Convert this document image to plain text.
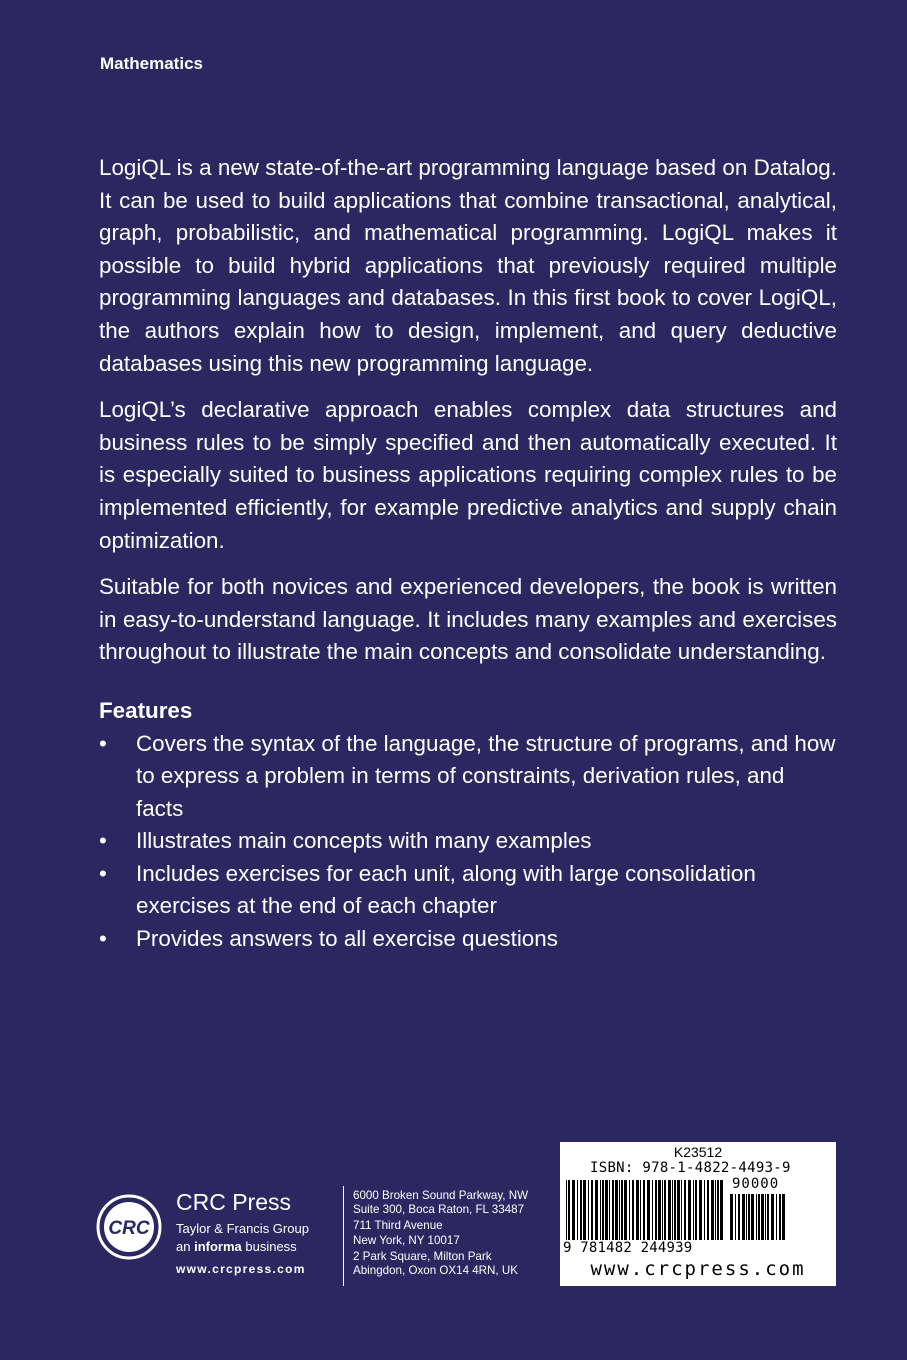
Mathematics

LogiQL is a new state-of-the-art programming language based on Datalog. It can be used to build applications that combine transactional, analytical, graph, probabilistic, and mathematical programming. LogiQL makes it possible to build hybrid applications that previously required multiple programming languages and databases. In this first book to cover LogiQL, the authors explain how to design, implement, and query deductive databases using this new programming language.

LogiQL’s declarative approach enables complex data structures and business rules to be simply specified and then automatically executed. It is especially suited to business applications requiring complex rules to be implemented efficiently, for example predictive analytics and supply chain optimization.

Suitable for both novices and experienced developers, the book is written in easy-to-understand language. It includes many examples and exercises throughout to illustrate the main concepts and consolidate understanding.

Features
• Covers the syntax of the language, the structure of programs, and how to express a problem in terms of constraints, derivation rules, and facts
• Illustrates main concepts with many examples
• Includes exercises for each unit, along with large consolidation exercises at the end of each chapter
• Provides answers to all exercise questions
CRC
CRC Press
Taylor & Francis Group
an informa business
www.crcpress.com
6000 Broken Sound Parkway, NW
Suite 300, Boca Raton, FL 33487
711 Third Avenue
New York, NY 10017
2 Park Square, Milton Park
Abingdon, Oxon OX14 4RN, UK
K23512
ISBN: 978-1-4822-4493-9
90000
9 781482 244939
www.crcpress.com
